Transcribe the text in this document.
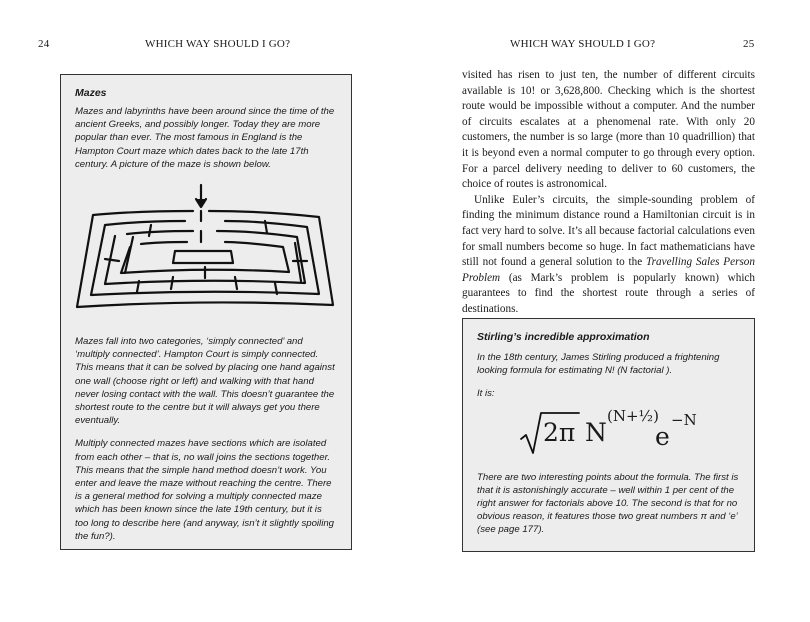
24	WHICH WAY SHOULD I GO?
Mazes

Mazes and labyrinths have been around since the time of the ancient Greeks, and possibly longer. Today they are more popular than ever. The most famous in England is the Hampton Court maze which dates back to the late 17th century. A picture of the maze is shown below.

Mazes fall into two categories, ‘simply connected’ and ‘multiply connected’. Hampton Court is simply connected. This means that it can be solved by placing one hand against one wall (choose right or left) and walking with that hand never losing contact with the wall. This doesn’t guarantee the shortest route to the centre but it will always get you there eventually.

Multiply connected mazes have sections which are isolated from each other – that is, no wall joins the sections together. This means that the simple hand method doesn’t work. You enter and leave the maze without reaching the centre. There is a general method for solving a multiply connected maze which has been known since the late 19th century, but it is too long to describe here (and anyway, isn’t it slightly spoiling the fun?).

WHICH WAY SHOULD I GO?	25

visited has risen to just ten, the number of different circuits available is 10! or 3,628,800. Checking which is the shortest route would be impossible without a computer. And the number of circuits escalates at a phenomenal rate. With only 20 customers, the number is so large (more than 10 quadrillion) that it is beyond even a normal computer to go through every option. For a parcel delivery needing to deliver to 60 customers, the choice of routes is astronomical.

Unlike Euler’s circuits, the simple-sounding problem of finding the minimum distance round a Hamiltonian circuit is in fact very hard to solve. It’s all because factorial calculations even for small numbers become so huge. In fact mathematicians have still not found a general solution to the Travelling Sales Person Problem (as Mark’s problem is popularly known) which guarantees to find the shortest route through a series of destinations.

Stirling’s incredible approximation

In the 18th century, James Stirling produced a frightening looking formula for estimating N! (N factorial ).

It is:

2π N
(N+½)
e
−N

There are two interesting points about the formula. The first is that it is astonishingly accurate – well within 1 per cent of the right answer for factorials above 10. The second is that for no obvious reason, it features those two great numbers π and ‘e’ (see page 177).
